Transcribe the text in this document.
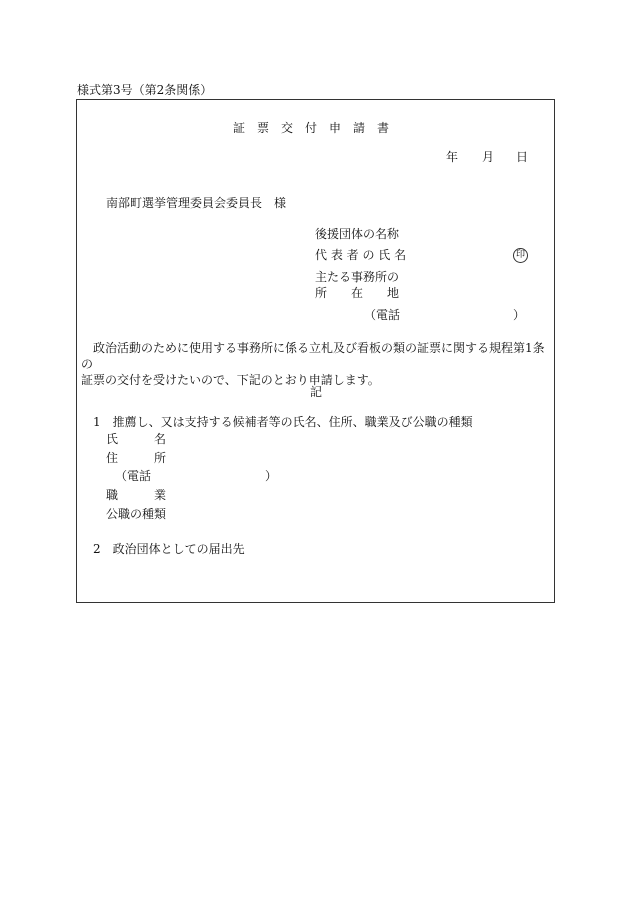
様式第3号（第2条関係）
証　票　交　付　申　請　書
年 月 日
南部町選挙管理委員会委員長　様
後援団体の名称
代 表 者 の 氏 名	印
主たる事務所の
所　　在　　地
（電話	）
政治活動のために使用する事務所に係る立札及び看板の類の証票に関する規程第1条の
証票の交付を受けたいので、下記のとおり申請します。
記
1　推薦し、又は支持する候補者等の氏名、住所、職業及び公職の種類
氏　　　名
住　　　所
（電話	）
職　　　業
公職の種類
2　政治団体としての届出先
